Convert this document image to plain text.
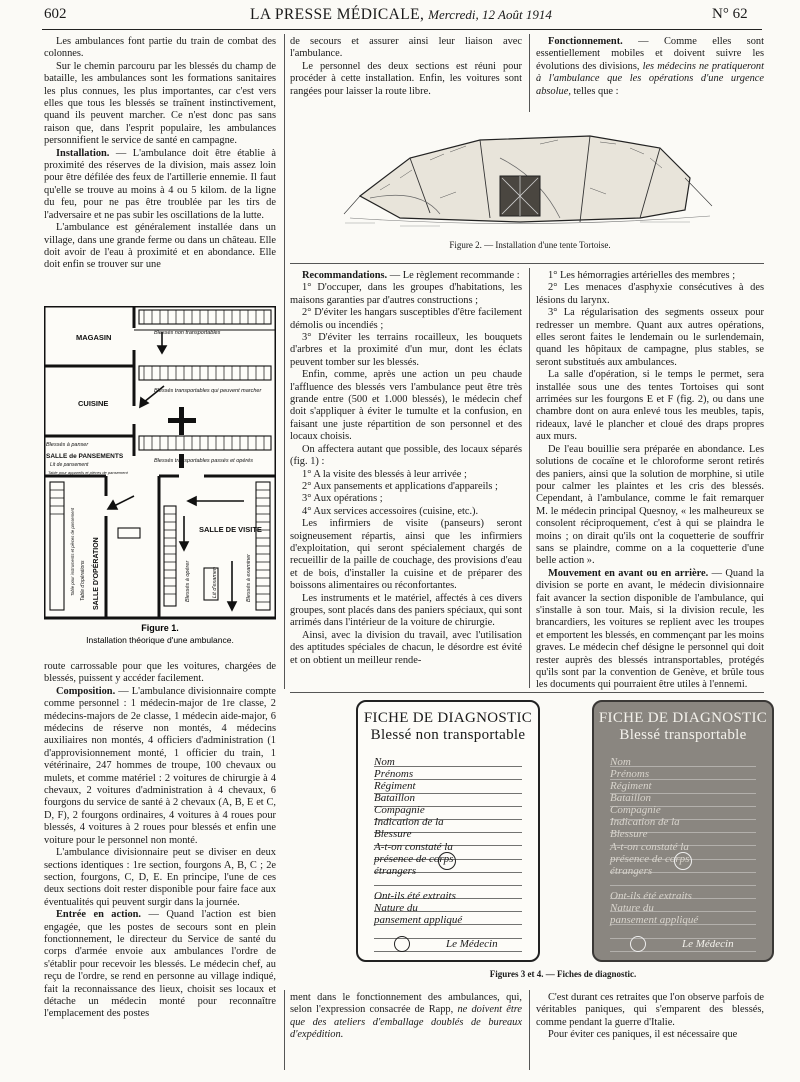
602	LA PRESSE MÉDICALE, Mercredi, 12 Août 1914	N° 62

Les ambulances font partie du train de combat des colonnes.

Sur le chemin parcouru par les blessés du champ de bataille, les ambulances sont les formations sanitaires les plus connues, les plus importantes, car c'est vers elles que tous les blessés se traînent instinctivement, quand ils peuvent marcher. Ce n'est donc pas sans raison que, dans l'esprit populaire, les ambulances personnifient le service de santé en campagne.

Installation. — L'ambulance doit être établie à proximité des réserves de la division, mais assez loin pour être défilée des feux de l'artillerie ennemie. Il faut qu'elle se trouve au moins à 4 ou 5 kilom. de la ligne du feu, pour ne pas être troublée par les tirs de l'adversaire et ne pas subir les oscillations de la lutte.

L'ambulance est généralement installée dans un village, dans une grande ferme ou dans un château. Elle doit avoir de l'eau à proximité et en abondance. Elle doit enfin se trouver sur une

MAGASIN
CUISINE
SALLE de PANSEMENTS
Blessés à panser
Lit de pansement
Table pour appareils et pièces de pansement
Blessés non transportables
Blessés transportables qui peuvent marcher
Blessés transportables passés et opérés
SALLE DE VISITE
SALLE D'OPÉRATION
Table pour instruments et pièces de pansement Table d'opérations	Blessés à opérer	Lit d'examen	Blessés à examiner
Figure 1.
Installation théorique d'une ambulance.

route carrossable pour que les voitures, chargées de blessés, puissent y accéder facilement.

Composition. — L'ambulance divisionnaire compte comme personnel : 1 médecin-major de 1re classe, 2 médecins-majors de 2e classe, 1 médecin aide-major, 6 médecins de réserve non montés, 4 médecins auxiliaires non montés, 4 officiers d'administration (1 d'approvisionnement monté, 1 officier du train, 1 vétérinaire, 247 hommes de troupe, 100 chevaux ou mulets, et comme matériel : 2 voitures de chirurgie à 4 chevaux, 2 voitures d'administration à 4 chevaux, 6 fourgons du service de santé à 2 chevaux (A, B, E et C, D, F), 2 fourgons ordinaires, 4 voitures à 4 roues pour blessés, 4 voitures à 2 roues pour blessés et enfin une voiture pour le personnel non monté.

L'ambulance divisionnaire peut se diviser en deux sections identiques : 1re section, fourgons A, B, C ; 2e section, fourgons, C, D, E. En principe, l'une de ces deux sections doit rester disponible pour faire face aux éventualités qui peuvent surgir dans la journée.

Entrée en action. — Quand l'action est bien engagée, que les postes de secours sont en plein fonctionnement, le directeur du Service de santé du corps d'armée envoie aux ambulances l'ordre de s'établir pour recevoir les blessés. Le médecin chef, au reçu de l'ordre, se rend en personne au village indiqué, fait la reconnaissance des lieux, choisit ses locaux et détache un médecin monté pour reconnaître l'emplacement des postes

de secours et assurer ainsi leur liaison avec l'ambulance.

Le personnel des deux sections est réuni pour procéder à cette installation. Enfin, les voitures sont rangées pour laisser la route libre.

Fonctionnement. — Comme elles sont essentiellement mobiles et doivent suivre les évolutions des divisions, les médecins ne pratiqueront à l'ambulance que les opérations d'une urgence absolue, telles que :

Figure 2. — Installation d'une tente Tortoise.

Recommandations. — Le règlement recommande :

1° D'occuper, dans les groupes d'habitations, les maisons garanties par d'autres constructions ;

2° D'éviter les hangars susceptibles d'être facilement démolis ou incendiés ;

3° D'éviter les terrains rocailleux, les bouquets d'arbres et la proximité d'un mur, dont les éclats peuvent tomber sur les blessés.

Enfin, comme, après une action un peu chaude l'affluence des blessés vers l'ambulance peut être très grande entre (500 et 1.000 blessés), le médecin chef doit s'appliquer à éviter le tumulte et la confusion, en faisant une juste répartition de son personnel et des locaux choisis.

On affectera autant que possible, des locaux séparés (fig. 1) :

1° A la visite des blessés à leur arrivée ;

2° Aux pansements et applications d'appareils ;

3° Aux opérations ;

4° Aux services accessoires (cuisine, etc.).

Les infirmiers de visite (panseurs) seront soigneusement répartis, ainsi que les infirmiers d'exploitation, qui seront spécialement chargés de recueillir de la paille de couchage, des provisions d'eau et de bois, d'installer la cuisine et de préparer des boissons alimentaires ou réconfortantes.

Les instruments et le matériel, affectés à ces divers groupes, sont placés dans des paniers spéciaux, qui sont arrimés dans l'intérieur de la voiture de chirurgie.

Ainsi, avec la division du travail, avec l'utilisation des aptitudes spéciales de chacun, le désordre est évité et on obtient un meilleur rende-

1° Les hémorragies artérielles des membres ;

2° Les menaces d'asphyxie consécutives à des lésions du larynx.

3° La régularisation des segments osseux pour redresser un membre. Quant aux autres opérations, elles seront faites le lendemain ou le surlendemain, quand les hôpitaux de campagne, plus stables, se seront substitués aux ambulances.

La salle d'opération, si le temps le permet, sera installée sous une des tentes Tortoises qui sont arrimées sur les fourgons E et F (fig. 2), ou dans une chambre dont on aura enlevé tous les meubles, tapis, rideaux, lavé le plancher et cloué des draps propres aux murs.

De l'eau bouillie sera préparée en abondance. Les solutions de cocaïne et le chloroforme seront retirés des paniers, ainsi que la solution de morphine, si utile pour calmer les plaintes et les cris des blessés. Cependant, à l'ambulance, comme le fait remarquer M. le médecin principal Quesnoy, « les malheureux se consolent réciproquement, c'est à qui se plaindra le moins ; on dirait qu'ils ont la coquetterie de souffrir sans se plaindre, comme on a la coquetterie d'une belle action ».

Mouvement en avant ou en arrière. — Quand la division se porte en avant, le médecin divisionnaire fait avancer la section disponible de l'ambulance, qui s'installe à son tour. Mais, si la division recule, les brancardiers, les voitures se replient avec les troupes et emportent les blessés, en commençant par les moins graves. Le médecin chef désigne le personnel qui doit rester auprès des blessés intransportables, protégés qu'ils sont par la convention de Genève, et brûle tous les documents qui pourraient être utiles à l'ennemi.

FICHE DE DIAGNOSTIC
Blessé non transportable
Nom
Prénoms
Régiment
Bataillon
Compagnie
Indication de la Blessure
A-t-on constaté la présence de corps étrangers
Ont-ils été extraits
Nature du pansement appliqué
Le Médecin
FICHE DE DIAGNOSTIC
Blessé transportable
Nom
Prénoms
Régiment
Bataillon
Compagnie
Indication de la Blessure
A-t-on constaté la présence de corps étrangers
Ont-ils été extraits
Nature du pansement appliqué
Le Médecin
Figures 3 et 4. — Fiches de diagnostic.

ment dans le fonctionnement des ambulances, qui, selon l'expression consacrée de Rapp, ne doivent être que des ateliers d'emballage doublés de bureaux d'expédition.

C'est durant ces retraites que l'on observe parfois de véritables paniques, qui s'emparent des blessés, comme pendant la guerre d'Italie.

Pour éviter ces paniques, il est nécessaire que
